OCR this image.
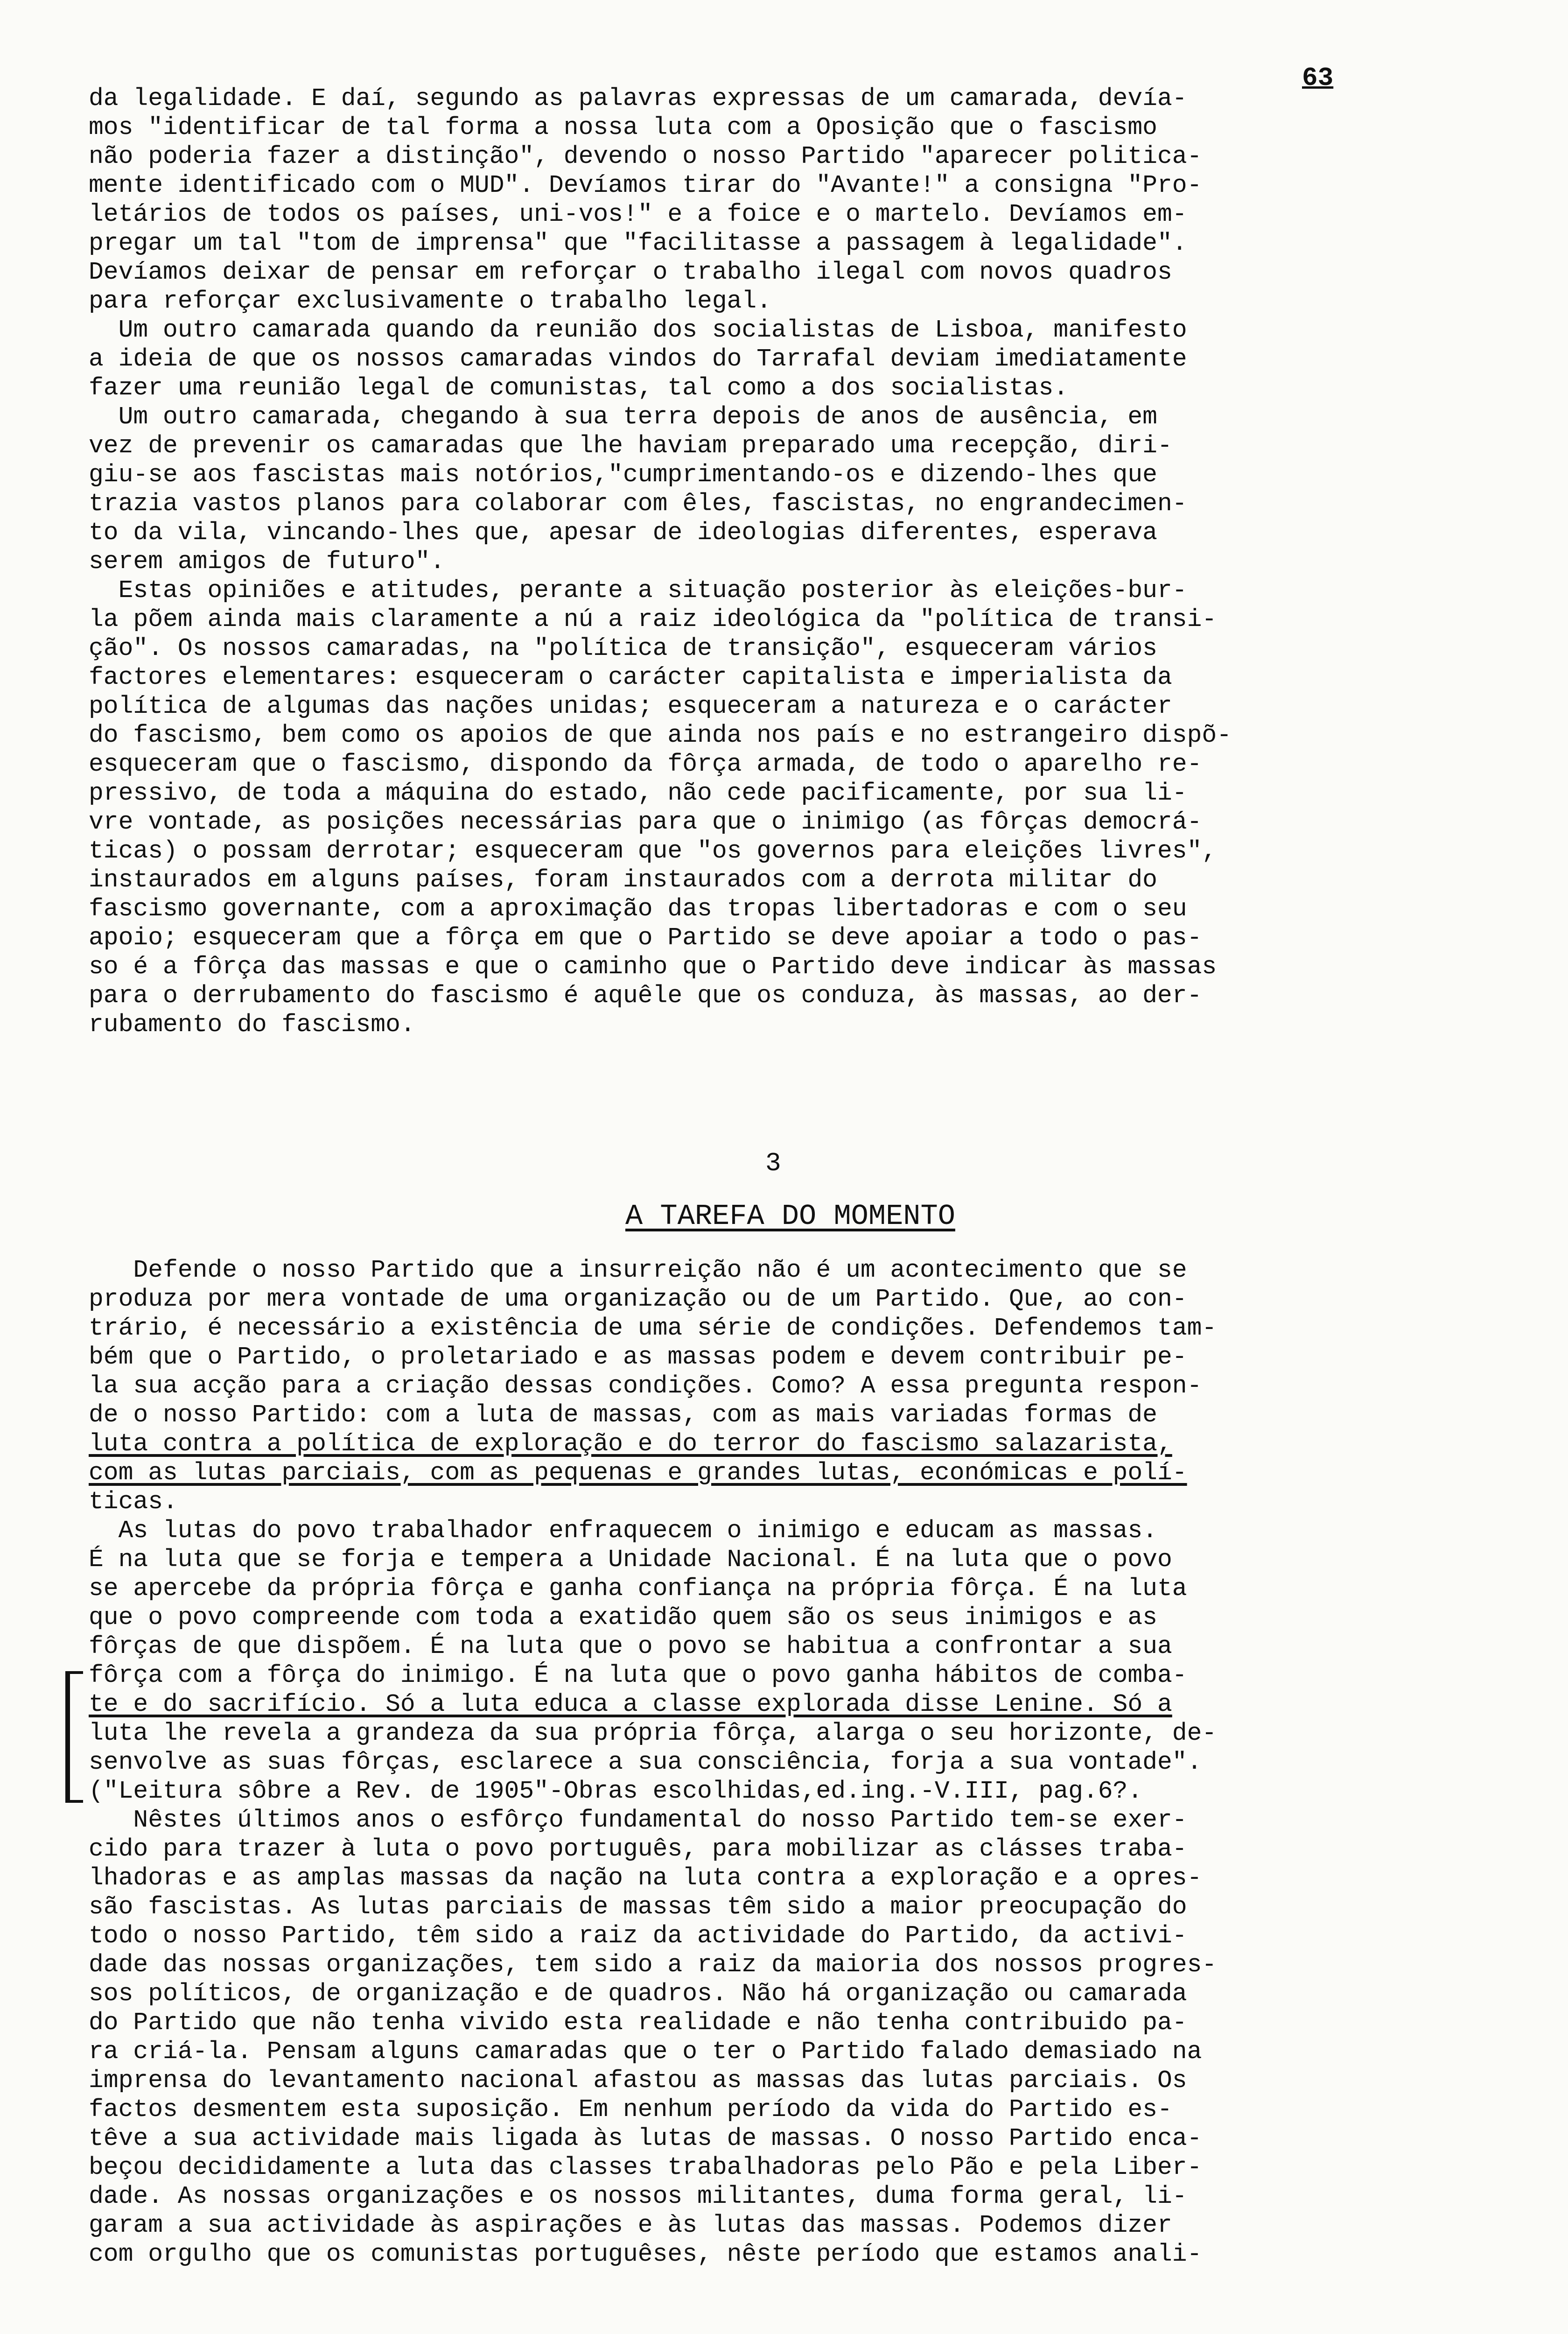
63
da legalidade. E daí, segundo as palavras expressas de um camarada, devía-
mos "identificar de tal forma a nossa luta com a Oposição que o fascismo
não poderia fazer a distinção", devendo o nosso Partido "aparecer politica-
mente identificado com o MUD". Devíamos tirar do "Avante!" a consigna "Pro-
letários de todos os países, uni-vos!" e a foice e o martelo. Devíamos em-
pregar um tal "tom de imprensa" que "facilitasse a passagem à legalidade".
Devíamos deixar de pensar em reforçar o trabalho ilegal com novos quadros
para reforçar exclusivamente o trabalho legal.
Um outro camarada quando da reunião dos socialistas de Lisboa, manifesto
a ideia de que os nossos camaradas vindos do Tarrafal deviam imediatamente
fazer uma reunião legal de comunistas, tal como a dos socialistas.
Um outro camarada, chegando à sua terra depois de anos de ausência, em
vez de prevenir os camaradas que lhe haviam preparado uma recepção, diri-
giu-se aos fascistas mais notórios,"cumprimentando-os e dizendo-lhes que
trazia vastos planos para colaborar com êles, fascistas, no engrandecimen-
to da vila, vincando-lhes que, apesar de ideologias diferentes, esperava
serem amigos de futuro".
Estas opiniões e atitudes, perante a situação posterior às eleições-bur-
la põem ainda mais claramente a nú a raiz ideológica da "política de transi-
ção". Os nossos camaradas, na "política de transição", esqueceram vários
factores elementares: esqueceram o carácter capitalista e imperialista da
política de algumas das nações unidas; esqueceram a natureza e o carácter
do fascismo, bem como os apoios de que ainda nos país e no estrangeiro dispõ-
esqueceram que o fascismo, dispondo da fôrça armada, de todo o aparelho re-
pressivo, de toda a máquina do estado, não cede pacificamente, por sua li-
vre vontade, as posições necessárias para que o inimigo (as fôrças democrá-
ticas) o possam derrotar; esqueceram que "os governos para eleições livres",
instaurados em alguns países, foram instaurados com a derrota militar do
fascismo governante, com a aproximação das tropas libertadoras e com o seu
apoio; esqueceram que a fôrça em que o Partido se deve apoiar a todo o pas-
so é a fôrça das massas e que o caminho que o Partido deve indicar às massas
para o derrubamento do fascismo é aquêle que os conduza, às massas, ao der-
rubamento do fascismo.
3
A TAREFA DO MOMENTO
Defende o nosso Partido que a insurreição não é um acontecimento que se
produza por mera vontade de uma organização ou de um Partido. Que, ao con-
trário, é necessário a existência de uma série de condições. Defendemos tam-
bém que o Partido, o proletariado e as massas podem e devem contribuir pe-
la sua acção para a criação dessas condições. Como? A essa pregunta respon-
de o nosso Partido: com a luta de massas, com as mais variadas formas de
luta contra a política de exploração e do terror do fascismo salazarista,
com as lutas parciais, com as pequenas e grandes lutas, económicas e polí-
ticas.
As lutas do povo trabalhador enfraquecem o inimigo e educam as massas.
É na luta que se forja e tempera a Unidade Nacional. É na luta que o povo
se apercebe da própria fôrça e ganha confiança na própria fôrça. É na luta
que o povo compreende com toda a exatidão quem são os seus inimigos e as
fôrças de que dispõem. É na luta que o povo se habitua a confrontar a sua
fôrça com a fôrça do inimigo. É na luta que o povo ganha hábitos de comba-
te e do sacrifício. Só a luta educa a classe explorada disse Lenine. Só a
luta lhe revela a grandeza da sua própria fôrça, alarga o seu horizonte, de-
senvolve as suas fôrças, esclarece a sua consciência, forja a sua vontade".
("Leitura sôbre a Rev. de 1905"-Obras escolhidas,ed.ing.-V.III, pag.6?.
Nêstes últimos anos o esfôrço fundamental do nosso Partido tem-se exer-
cido para trazer à luta o povo português, para mobilizar as clásses traba-
lhadoras e as amplas massas da nação na luta contra a exploração e a opres-
são fascistas. As lutas parciais de massas têm sido a maior preocupação do
todo o nosso Partido, têm sido a raiz da actividade do Partido, da activi-
dade das nossas organizações, tem sido a raiz da maioria dos nossos progres-
sos políticos, de organização e de quadros. Não há organização ou camarada
do Partido que não tenha vivido esta realidade e não tenha contribuido pa-
ra criá-la. Pensam alguns camaradas que o ter o Partido falado demasiado na
imprensa do levantamento nacional afastou as massas das lutas parciais. Os
factos desmentem esta suposição. Em nenhum período da vida do Partido es-
têve a sua actividade mais ligada às lutas de massas. O nosso Partido enca-
beçou decididamente a luta das classes trabalhadoras pelo Pão e pela Liber-
dade. As nossas organizações e os nossos militantes, duma forma geral, li-
garam a sua actividade às aspirações e às lutas das massas. Podemos dizer
com orgulho que os comunistas portuguêses, nêste período que estamos anali-
